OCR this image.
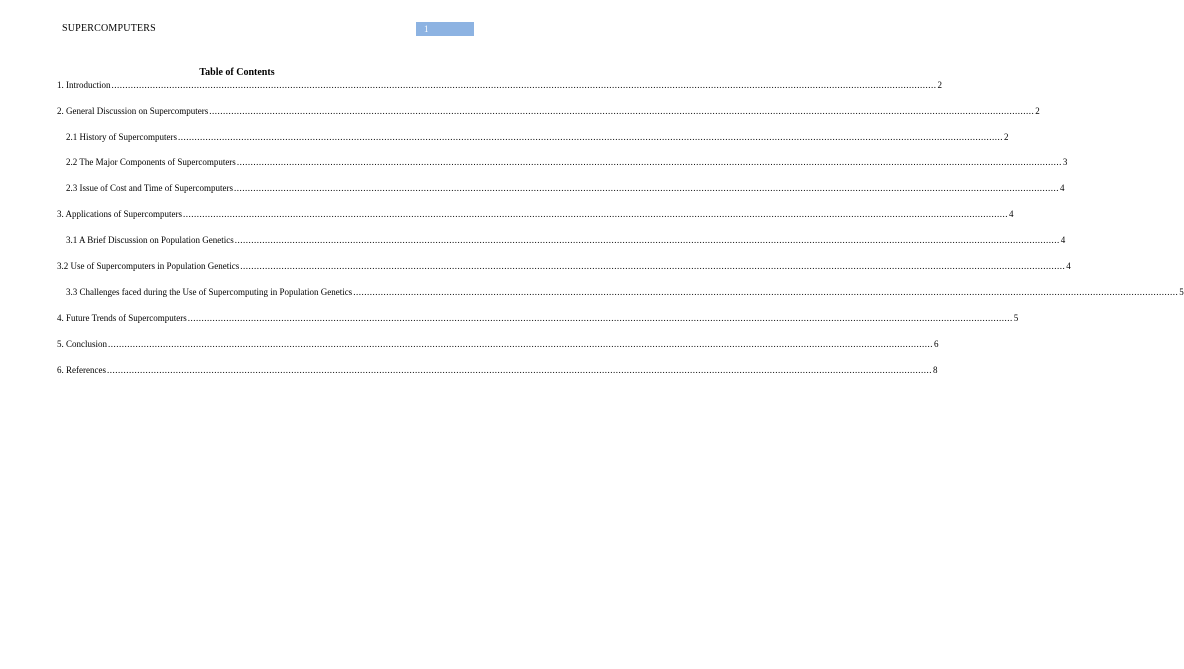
SUPERCOMPUTERS	1
Table of Contents
1. Introduction ............................................................................................................................................................................................................................................................................................................ 2
2. General Discussion on Supercomputers ............................................................................................................................................................................................................................................................................................................ 2
2.1 History of Supercomputers ............................................................................................................................................................................................................................................................................................................ 2
2.2 The Major Components of Supercomputers ............................................................................................................................................................................................................................................................................................................ 3
2.3 Issue of Cost and Time of Supercomputers ............................................................................................................................................................................................................................................................................................................ 4
3. Applications of Supercomputers ............................................................................................................................................................................................................................................................................................................ 4
3.1 A Brief Discussion on Population Genetics ............................................................................................................................................................................................................................................................................................................ 4
3.2 Use of Supercomputers in Population Genetics ............................................................................................................................................................................................................................................................................................................ 4
3.3 Challenges faced during the Use of Supercomputing in Population Genetics ............................................................................................................................................................................................................................................................................................................ 5
4. Future Trends of Supercomputers ............................................................................................................................................................................................................................................................................................................ 5
5. Conclusion ............................................................................................................................................................................................................................................................................................................ 6
6. References ............................................................................................................................................................................................................................................................................................................ 8
